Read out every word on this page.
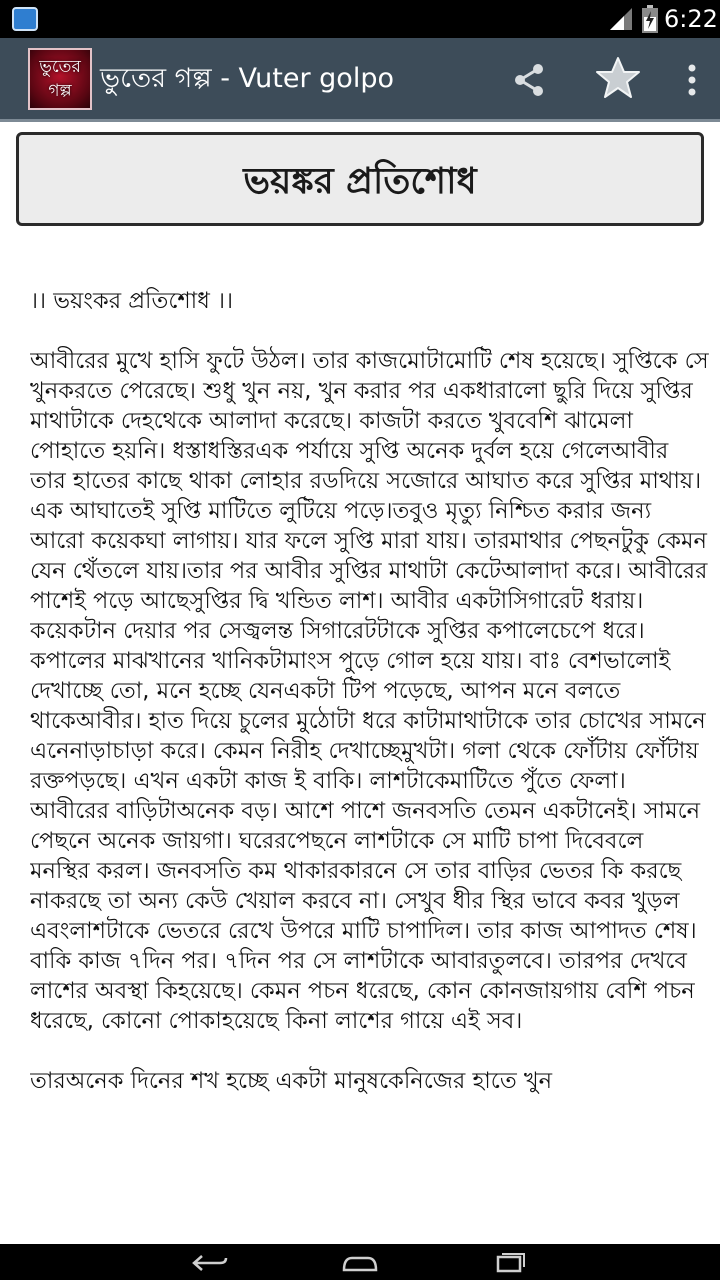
6:22
ভুতের
গল্প	ভুতের গল্প - Vuter golpo
ভয়ঙ্কর প্রতিশোধ

।। ভয়ংকর প্রতিশোধ ।।

আবীরের মুখে হাসি ফুটে উঠল। তার কাজমোটামোটি শেষ হয়েছে। সুপ্তিকে সে খুনকরতে পেরেছে। শুধু খুন নয়, খুন করার পর একধারালো ছুরি দিয়ে সুপ্তির মাথাটাকে দেহথেকে আলাদা করেছে। কাজটা করতে খুববেশি ঝামেলা পোহাতে হয়নি। ধস্তাধস্তিরএক পর্যায়ে সুপ্তি অনেক দুর্বল হয়ে গেলেআবীর তার হাতের কাছে থাকা লোহার রডদিয়ে সজোরে আঘাত করে সুপ্তির মাথায়।এক আঘাতেই সুপ্তি মাটিতে লুটিয়ে পড়ে।তবুও মৃত্যু নিশ্চিত করার জন্য আরো কয়েকঘা লাগায়। যার ফলে সুপ্তি মারা যায়। তারমাথার পেছনটুকু কেমন যেন থেঁতলে যায়।তার পর আবীর সুপ্তির মাথাটা কেটেআলাদা করে। আবীরের পাশেই পড়ে আছেসুপ্তির দ্বি খন্ডিত লাশ। আবীর একটাসিগারেট ধরায়। কয়েকটান দেয়ার পর সেজ্বলন্ত সিগারেটটাকে সুপ্তির কপালেচেপে ধরে। কপালের মাঝখানের খানিকটামাংস পুড়ে গোল হয়ে যায়। বাঃ বেশভালোই দেখাচ্ছে তো, মনে হচ্ছে যেনএকটা টিপ পড়েছে, আপন মনে বলতে থাকেআবীর। হাত দিয়ে চুলের মুঠোটা ধরে কাটামাথাটাকে তার চোখের সামনে এনেনাড়াচাড়া করে। কেমন নিরীহ দেখাচ্ছেমুখটা। গলা থেকে ফোঁটায় ফোঁটায় রক্তপড়ছে। এখন একটা কাজ ই বাকি। লাশটাকেমাটিতে পুঁতে ফেলা। আবীরের বাড়িটাঅনেক বড়। আশে পাশে জনবসতি তেমন একটানেই। সামনে পেছনে অনেক জায়গা। ঘরেরপেছনে লাশটাকে সে মাটি চাপা দিবেবলে মনস্থির করল। জনবসতি কম থাকারকারনে সে তার বাড়ির ভেতর কি করছে নাকরছে তা অন্য কেউ খেয়াল করবে না। সেখুব ধীর স্থির ভাবে কবর খুড়ল এবংলাশটাকে ভেতরে রেখে উপরে মাটি চাপাদিল। তার কাজ আপাদত শেষ। বাকি কাজ ৭দিন পর। ৭দিন পর সে লাশটাকে আবারতুলবে। তারপর দেখবে লাশের অবস্থা কিহয়েছে। কেমন পচন ধরেছে, কোন কোনজায়গায় বেশি পচন ধরেছে, কোনো পোকাহয়েছে কিনা লাশের গায়ে এই সব।

তারঅনেক দিনের শখ হচ্ছে একটা মানুষকেনিজের হাতে খুন
